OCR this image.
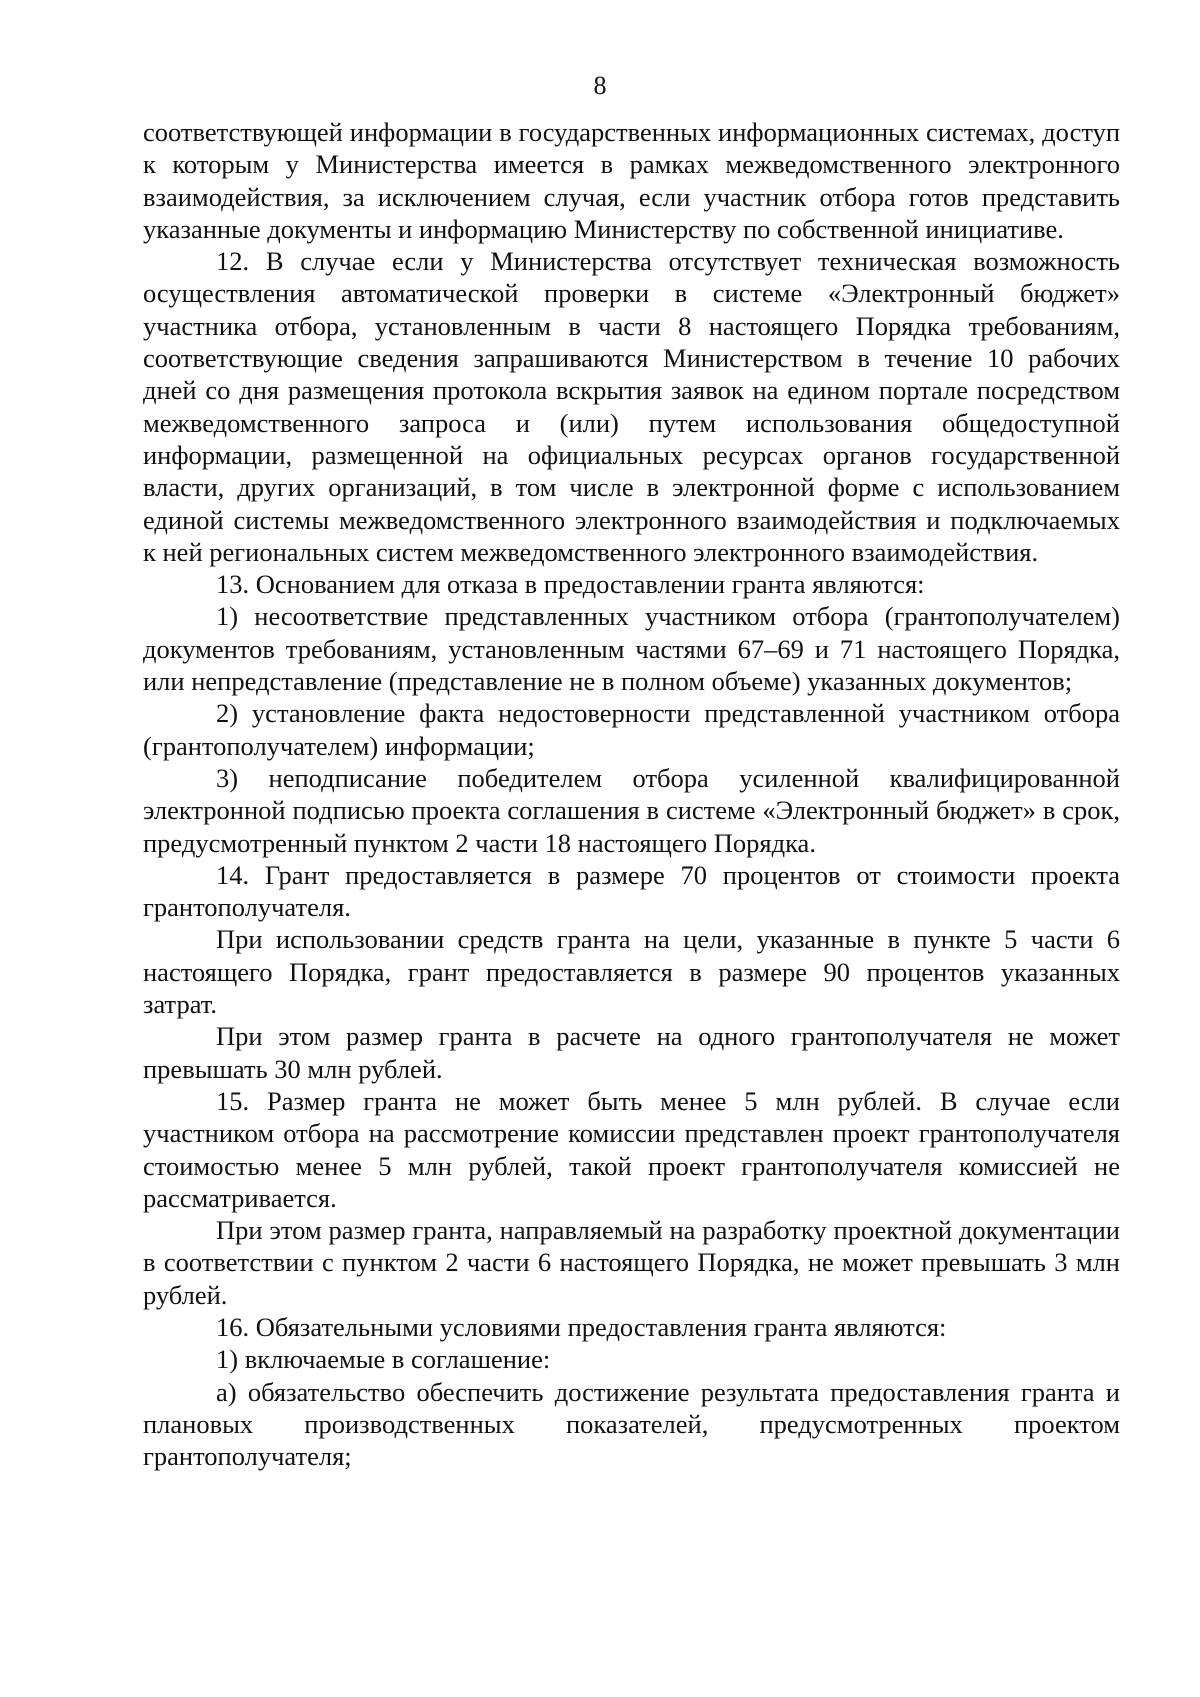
8

соответствующей информации в государственных информационных системах, доступ к которым у Министерства имеется в рамках межведомственного электронного взаимодействия, за исключением случая, если участник отбора готов представить указанные документы и информацию Министерству по собственной инициативе.

12. В случае если у Министерства отсутствует техническая возможность осуществления автоматической проверки в системе «Электронный бюджет» участника отбора, установленным в части 8 настоящего Порядка требованиям, соответствующие сведения запрашиваются Министерством в течение 10 рабочих дней со дня размещения протокола вскрытия заявок на едином портале посредством межведомственного запроса и (или) путем использования общедоступной информации, размещенной на официальных ресурсах органов государственной власти, других организаций, в том числе в электронной форме с использованием единой системы межведомственного электронного взаимодействия и подключаемых к ней региональных систем межведомственного электронного взаимодействия.

13. Основанием для отказа в предоставлении гранта являются:

1) несоответствие представленных участником отбора (грантополучателем) документов требованиям, установленным частями 67–69 и 71 настоящего Порядка, или непредставление (представление не в полном объеме) указанных документов;

2) установление факта недостоверности представленной участником отбора (грантополучателем) информации;

3) неподписание победителем отбора усиленной квалифицированной электронной подписью проекта соглашения в системе «Электронный бюджет» в срок, предусмотренный пунктом 2 части 18 настоящего Порядка.

14. Грант предоставляется в размере 70 процентов от стоимости проекта грантополучателя.

При использовании средств гранта на цели, указанные в пункте 5 части 6 настоящего Порядка, грант предоставляется в размере 90 процентов указанных затрат.

При этом размер гранта в расчете на одного грантополучателя не может превышать 30 млн рублей.

15. Размер гранта не может быть менее 5 млн рублей. В случае если участником отбора на рассмотрение комиссии представлен проект грантополучателя стоимостью менее 5 млн рублей, такой проект грантополучателя комиссией не рассматривается.

При этом размер гранта, направляемый на разработку проектной документации в соответствии с пунктом 2 части 6 настоящего Порядка, не может превышать 3 млн рублей.

16. Обязательными условиями предоставления гранта являются:

1) включаемые в соглашение:

а) обязательство обеспечить достижение результата предоставления гранта и плановых производственных показателей, предусмотренных проектом грантополучателя;
